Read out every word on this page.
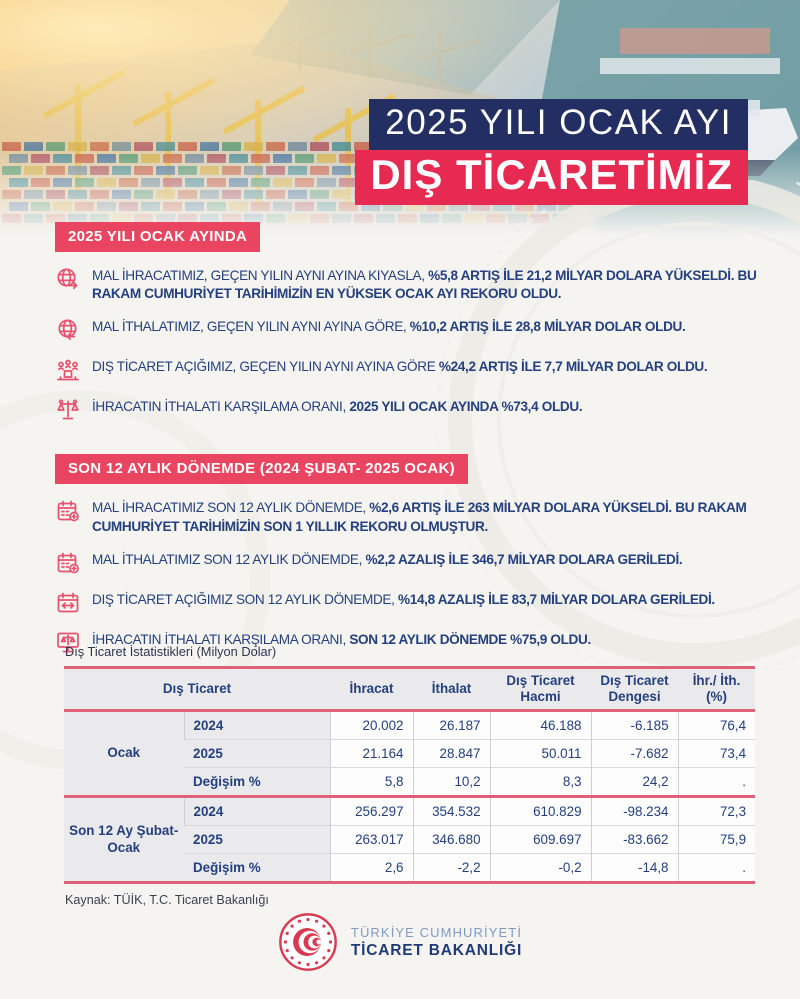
2025 YILI OCAK AYI
DIŞ TİCARETİMİZ
2025 YILI OCAK AYINDA

MAL İHRACATIMIZ, GEÇEN YILIN AYNI AYINA KIYASLA, %5,8 ARTIŞ İLE 21,2 MİLYAR DOLARA YÜKSELDİ. BU RAKAM CUMHURİYET TARİHİMİZİN EN YÜKSEK OCAK AYI REKORU OLDU.

MAL İTHALATIMIZ, GEÇEN YILIN AYNI AYINA GÖRE, %10,2 ARTIŞ İLE 28,8 MİLYAR DOLAR OLDU.

DIŞ TİCARET AÇIĞIMIZ, GEÇEN YILIN AYNI AYINA GÖRE %24,2 ARTIŞ İLE 7,7 MİLYAR DOLAR OLDU.

İHRACATIN İTHALATI KARŞILAMA ORANI, 2025 YILI OCAK AYINDA %73,4 OLDU.

SON 12 AYLIK DÖNEMDE (2024 ŞUBAT- 2025 OCAK)

MAL İHRACATIMIZ SON 12 AYLIK DÖNEMDE, %2,6 ARTIŞ İLE 263 MİLYAR DOLARA YÜKSELDİ. BU RAKAM CUMHURİYET TARİHİMİZİN SON 1 YILLIK REKORU OLMUŞTUR.

MAL İTHALATIMIZ SON 12 AYLIK DÖNEMDE, %2,2 AZALIŞ İLE 346,7 MİLYAR DOLARA GERİLEDİ.

DIŞ TİCARET AÇIĞIMIZ SON 12 AYLIK DÖNEMDE, %14,8 AZALIŞ İLE 83,7 MİLYAR DOLARA GERİLEDİ.

İHRACATIN İTHALATI KARŞILAMA ORANI, SON 12 AYLIK DÖNEMDE %75,9 OLDU.

Dış Ticaret İstatistikleri (Milyon Dolar)
Dış Ticaret		İhracat	İthalat	Dış Ticaret Hacmi	Dış Ticaret Dengesi	İhr./ İth. (%)
Ocak	2024	20.002	26.187	46.188	-6.185	76,4
	2025	21.164	28.847	50.011	-7.682	73,4
	Değişim %	5,8	10,2	8,3	24,2	.
Son 12 Ay Şubat-Ocak	2024	256.297	354.532	610.829	-98.234	72,3
	2025	263.017	346.680	609.697	-83.662	75,9
	Değişim %	2,6	-2,2	-0,2	-14,8	.
Kaynak: TÜİK, T.C. Ticaret Bakanlığı
TÜRKİYE CUMHURİYETİ
TİCARET BAKANLIĞI
